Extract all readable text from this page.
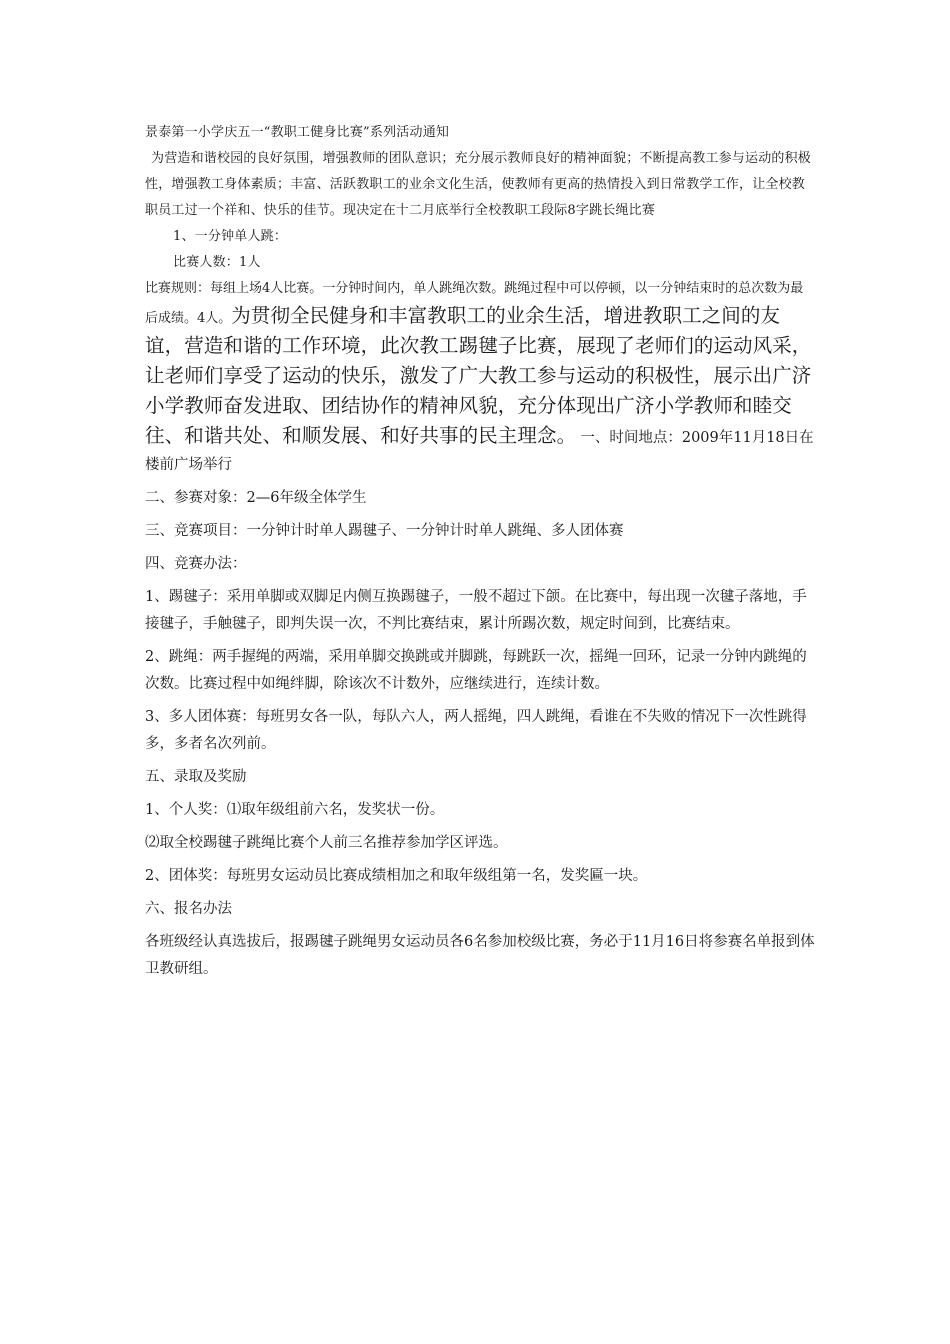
景泰第一小学庆五一“教职工健身比赛”系列活动通知

为营造和谐校园的良好氛围，增强教师的团队意识；充分展示教师良好的精神面貌；不断提高教工参与运动的积极性，增强教工身体素质；丰富、活跃教职工的业余文化生活，使教师有更高的热情投入到日常教学工作，让全校教职员工过一个祥和、快乐的佳节。现决定在十二月底举行全校教职工段际8字跳长绳比赛

1、一分钟单人跳：

比赛人数：1人

比赛规则：每组上场4人比赛。一分钟时间内，单人跳绳次数。跳绳过程中可以停顿，以一分钟结束时的总次数为最后成绩。4人。为贯彻全民健身和丰富教职工的业余生活，增进教职工之间的友谊，营造和谐的工作环境，此次教工踢毽子比赛，展现了老师们的运动风采，让老师们享受了运动的快乐，激发了广大教工参与运动的积极性，展示出广济小学教师奋发进取、团结协作的精神风貌，充分体现出广济小学教师和睦交往、和谐共处、和顺发展、和好共事的民主理念。 一、时间地点：2009年11月18日在楼前广场举行

二、参赛对象：2—6年级全体学生

三、竞赛项目：一分钟计时单人踢毽子、一分钟计时单人跳绳、多人团体赛

四、竞赛办法：

1、踢毽子：采用单脚或双脚足内侧互换踢毽子，一般不超过下颌。在比赛中，每出现一次毽子落地，手接毽子，手触毽子，即判失误一次，不判比赛结束，累计所踢次数，规定时间到，比赛结束。

2、跳绳：两手握绳的两端，采用单脚交换跳或并脚跳，每跳跃一次，摇绳一回环，记录一分钟内跳绳的次数。比赛过程中如绳绊脚，除该次不计数外，应继续进行，连续计数。

3、多人团体赛：每班男女各一队，每队六人，两人摇绳，四人跳绳，看谁在不失败的情况下一次性跳得多，多者名次列前。

五、录取及奖励

1、个人奖：⑴取年级组前六名，发奖状一份。

⑵取全校踢毽子跳绳比赛个人前三名推荐参加学区评选。

2、团体奖：每班男女运动员比赛成绩相加之和取年级组第一名，发奖匾一块。

六、报名办法

各班级经认真选拔后，报踢毽子跳绳男女运动员各6名参加校级比赛，务必于11月16日将参赛名单报到体卫教研组。
